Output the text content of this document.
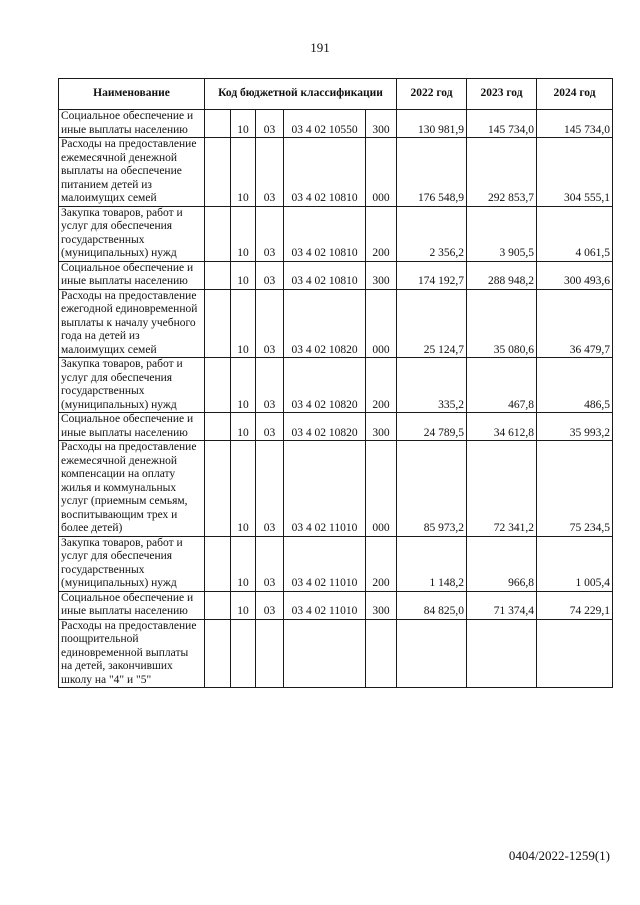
191
Наименование	Код бюджетной классификации					2022 год	2023 год	2024 год
Социальное обеспечение и иные выплаты населению		10	03	03 4 02 10550	300	130 981,9	145 734,0	145 734,0
Расходы на предоставление ежемесячной денежной выплаты на обеспечение питанием детей из малоимущих семей		10	03	03 4 02 10810	000	176 548,9	292 853,7	304 555,1
Закупка товаров, работ и услуг для обеспечения государственных (муниципальных) нужд		10	03	03 4 02 10810	200	2 356,2	3 905,5	4 061,5
Социальное обеспечение и иные выплаты населению		10	03	03 4 02 10810	300	174 192,7	288 948,2	300 493,6
Расходы на предоставление ежегодной единовременной выплаты к началу учебного года на детей из малоимущих семей		10	03	03 4 02 10820	000	25 124,7	35 080,6	36 479,7
Закупка товаров, работ и услуг для обеспечения государственных (муниципальных) нужд		10	03	03 4 02 10820	200	335,2	467,8	486,5
Социальное обеспечение и иные выплаты населению		10	03	03 4 02 10820	300	24 789,5	34 612,8	35 993,2
Расходы на предоставление ежемесячной денежной компенсации на оплату жилья и коммунальных услуг (приемным семьям, воспитывающим трех и более детей)		10	03	03 4 02 11010	000	85 973,2	72 341,2	75 234,5
Закупка товаров, работ и услуг для обеспечения государственных (муниципальных) нужд		10	03	03 4 02 11010	200	1 148,2	966,8	1 005,4
Социальное обеспечение и иные выплаты населению		10	03	03 4 02 11010	300	84 825,0	71 374,4	74 229,1
Расходы на предоставление поощрительной единовременной выплаты на детей, закончивших школу на "4" и "5"								
0404/2022-1259(1)
